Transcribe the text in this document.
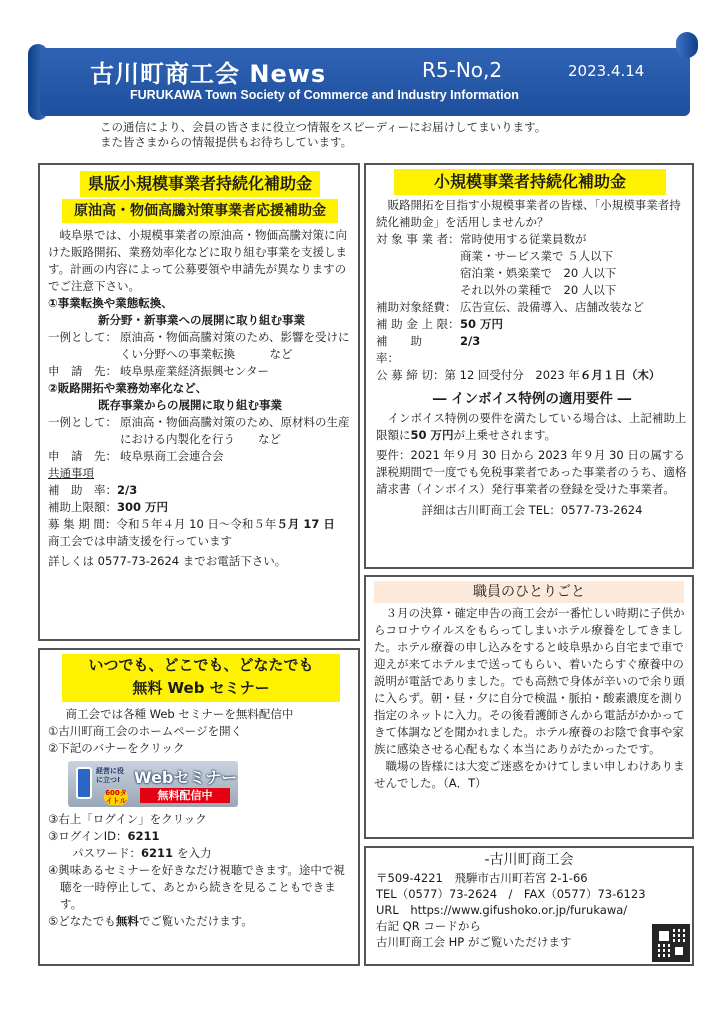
古川町商工会 News	R5-No,2	2023.4.14
FURUKAWA Town Society of Commerce and Industry Information
この通信により、会員の皆さまに役立つ情報をスピーディーにお届けしてまいります。
また皆さまからの情報提供もお待ちしています。
県版小規模事業者持続化補助金
原油高・物価高騰対策事業者応援補助金
岐阜県では、小規模事業者の原油高・物価高騰対策に向けた販路開拓、業務効率化などに取り組む事業を支援します。計画の内容によって公募要領や申請先が異なりますのでご注意下さい。
①事業転換や業態転換、
新分野・新事業への展開に取り組む事業
一例として： 原油高・物価高騰対策のため、影響を受けにくい分野への事業転換　　　など
申　請　先： 岐阜県産業経済振興センター
②販路開拓や業務効率化など、
既存事業からの展開に取り組む事業
一例として： 原油高・物価高騰対策のため、原材料の生産における内製化を行う　　など
申　請　先： 岐阜県商工会連合会
共通事項
補　助　率： 2/3
補助上限額： 300 万円
募 集 期 間： 令和５年４月 10 日～令和５年 ５月 17 日
商工会では申請支援を行っています
詳しくは 0577-73-2624 までお電話下さい。
いつでも、どこでも、どなたでも
無料 Web セミナー
商工会では各種 Web セミナーを無料配信中
①古川町商工会のホームページを開く
②下記のバナーをクリック
経営に役に立つ!
600タイトル
Webセミナー
無料配信中
③右上「ログイン」をクリック
③ログインID： 6211
パスワード： 6211 を入力
④興味あるセミナーを好きなだけ視聴できます。途中で視聴を一時停止して、あとから続きを見ることもできます。
⑤どなたでも無料でご覧いただけます。
小規模事業者持続化補助金
販路開拓を目指す小規模事業者の皆様、「小規模事業者持続化補助金」を活用しませんか？
対 象 事 業 者： 常時使用する従業員数が
商業・サービス業で ５人以下
宿泊業・娯楽業で　20 人以下
それ以外の業種で　20 人以下
補助対象経費： 広告宣伝、設備導入、店舗改装など
補 助 金 上 限： 50 万円
補　　助　　率：
2/3
公 募 締 切： 第 12 回受付分　2023 年 ６月１日（木）
― インボイス特例の適用要件 ―
インボイス特例の要件を満たしている場合は、上記補助上限額に50 万円が上乗せされます。
要件：2021 年９月 30 日から 2023 年９月 30 日の属する課税期間で一度でも免税事業者であった事業者のうち、適格請求書（インボイス）発行事業者の登録を受けた事業者。
詳細は古川町商工会 TEL：0577-73-2624
職員のひとりごと
３月の決算・確定申告の商工会が一番忙しい時期に子供からコロナウイルスをもらってしまいホテル療養をしてきました。ホテル療養の申し込みをすると岐阜県から自宅まで車で迎えが来てホテルまで送ってもらい、着いたらすぐ療養中の説明が電話でありました。でも高熱で身体が辛いので余り頭に入らず。朝・昼・夕に自分で検温・脈拍・酸素濃度を測り指定のネットに入力。その後看護師さんから電話がかかってきて体調などを聞かれました。ホテル療養のお陰で食事や家族に感染させる心配もなく本当にありがたかったです。
職場の皆様には大変ご迷惑をかけてしまい申しわけありませんでした。（A．T）
-古川町商工会
〒509-4221　飛騨市古川町若宮 2-1-66
TEL（0577）73-2624　/　FAX（0577）73-6123
URL　https://www.gifushoko.or.jp/furukawa/
右記 QR コードから
古川町商工会 HP がご覧いただけます
